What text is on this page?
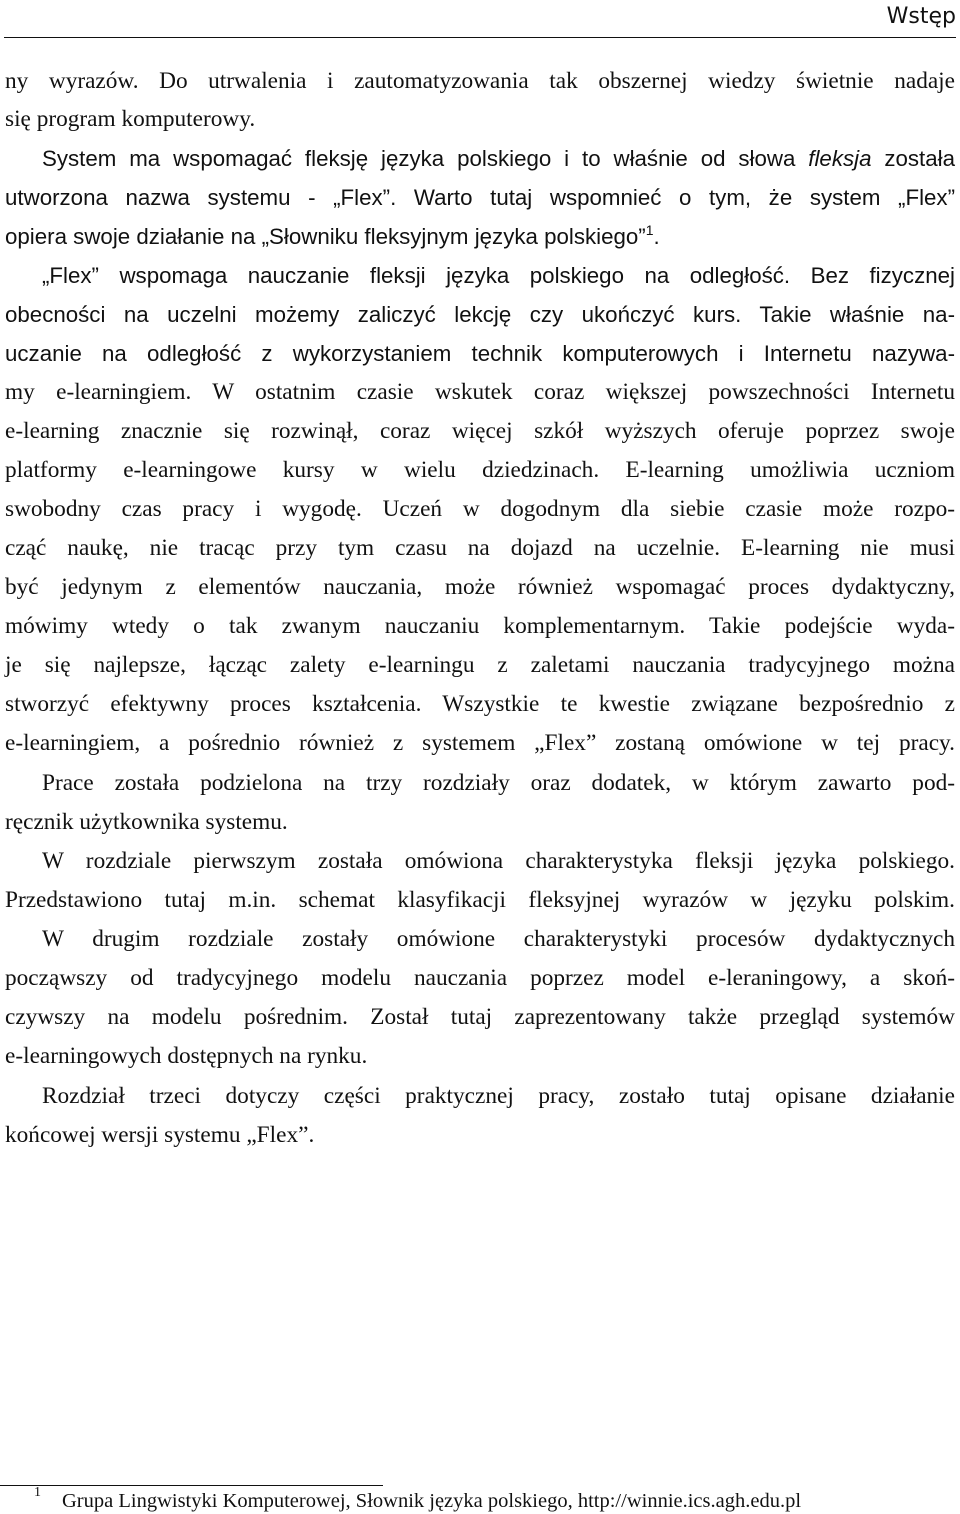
Wstęp
ny wyrazów. Do utrwalenia i zautomatyzowania tak obszernej wiedzy świetnie nadaje
się program komputerowy.
System ma wspomagać fleksję języka polskiego i to właśnie od słowa fleksja została
utworzona nazwa systemu - „Flex”. Warto tutaj wspomnieć o tym, że system „Flex”
opiera swoje działanie na „Słowniku fleksyjnym języka polskiego”$^1$.
„Flex” wspomaga nauczanie fleksji języka polskiego na odległość. Bez fizycznej
obecności na uczelni możemy zaliczyć lekcję czy ukończyć kurs. Takie właśnie na-
uczanie na odległość z wykorzystaniem technik komputerowych i Internetu nazywa-
my e-learningiem. W ostatnim czasie wskutek coraz większej powszechności Internetu
e-learning znacznie się rozwinął, coraz więcej szkół wyższych oferuje poprzez swoje
platformy e-learningowe kursy w wielu dziedzinach. E-learning umożliwia uczniom
swobodny czas pracy i wygodę. Uczeń w dogodnym dla siebie czasie może rozpo-
cząć naukę, nie tracąc przy tym czasu na dojazd na uczelnie. E-learning nie musi
być jedynym z elementów nauczania, może również wspomagać proces dydaktyczny,
mówimy wtedy o tak zwanym nauczaniu komplementarnym. Takie podejście wyda-
je się najlepsze, łącząc zalety e-learningu z zaletami nauczania tradycyjnego można
stworzyć efektywny proces kształcenia. Wszystkie te kwestie związane bezpośrednio z
e-learningiem, a pośrednio również z systemem „Flex” zostaną omówione w tej pracy.
Prace została podzielona na trzy rozdziały oraz dodatek, w którym zawarto pod-
ręcznik użytkownika systemu.
W rozdziale pierwszym została omówiona charakterystyka fleksji języka polskiego.
Przedstawiono tutaj m.in. schemat klasyfikacji fleksyjnej wyrazów w języku polskim.
W drugim rozdziale zostały omówione charakterystyki procesów dydaktycznych
począwszy od tradycyjnego modelu nauczania poprzez model e-leraningowy, a skoń-
czywszy na modelu pośrednim. Został tutaj zaprezentowany także przegląd systemów
e-learningowych dostępnych na rynku.
Rozdział trzeci dotyczy części praktycznej pracy, zostało tutaj opisane działanie
końcowej wersji systemu „Flex”.
1 Grupa Lingwistyki Komputerowej, Słownik języka polskiego, http://winnie.ics.agh.edu.pl
